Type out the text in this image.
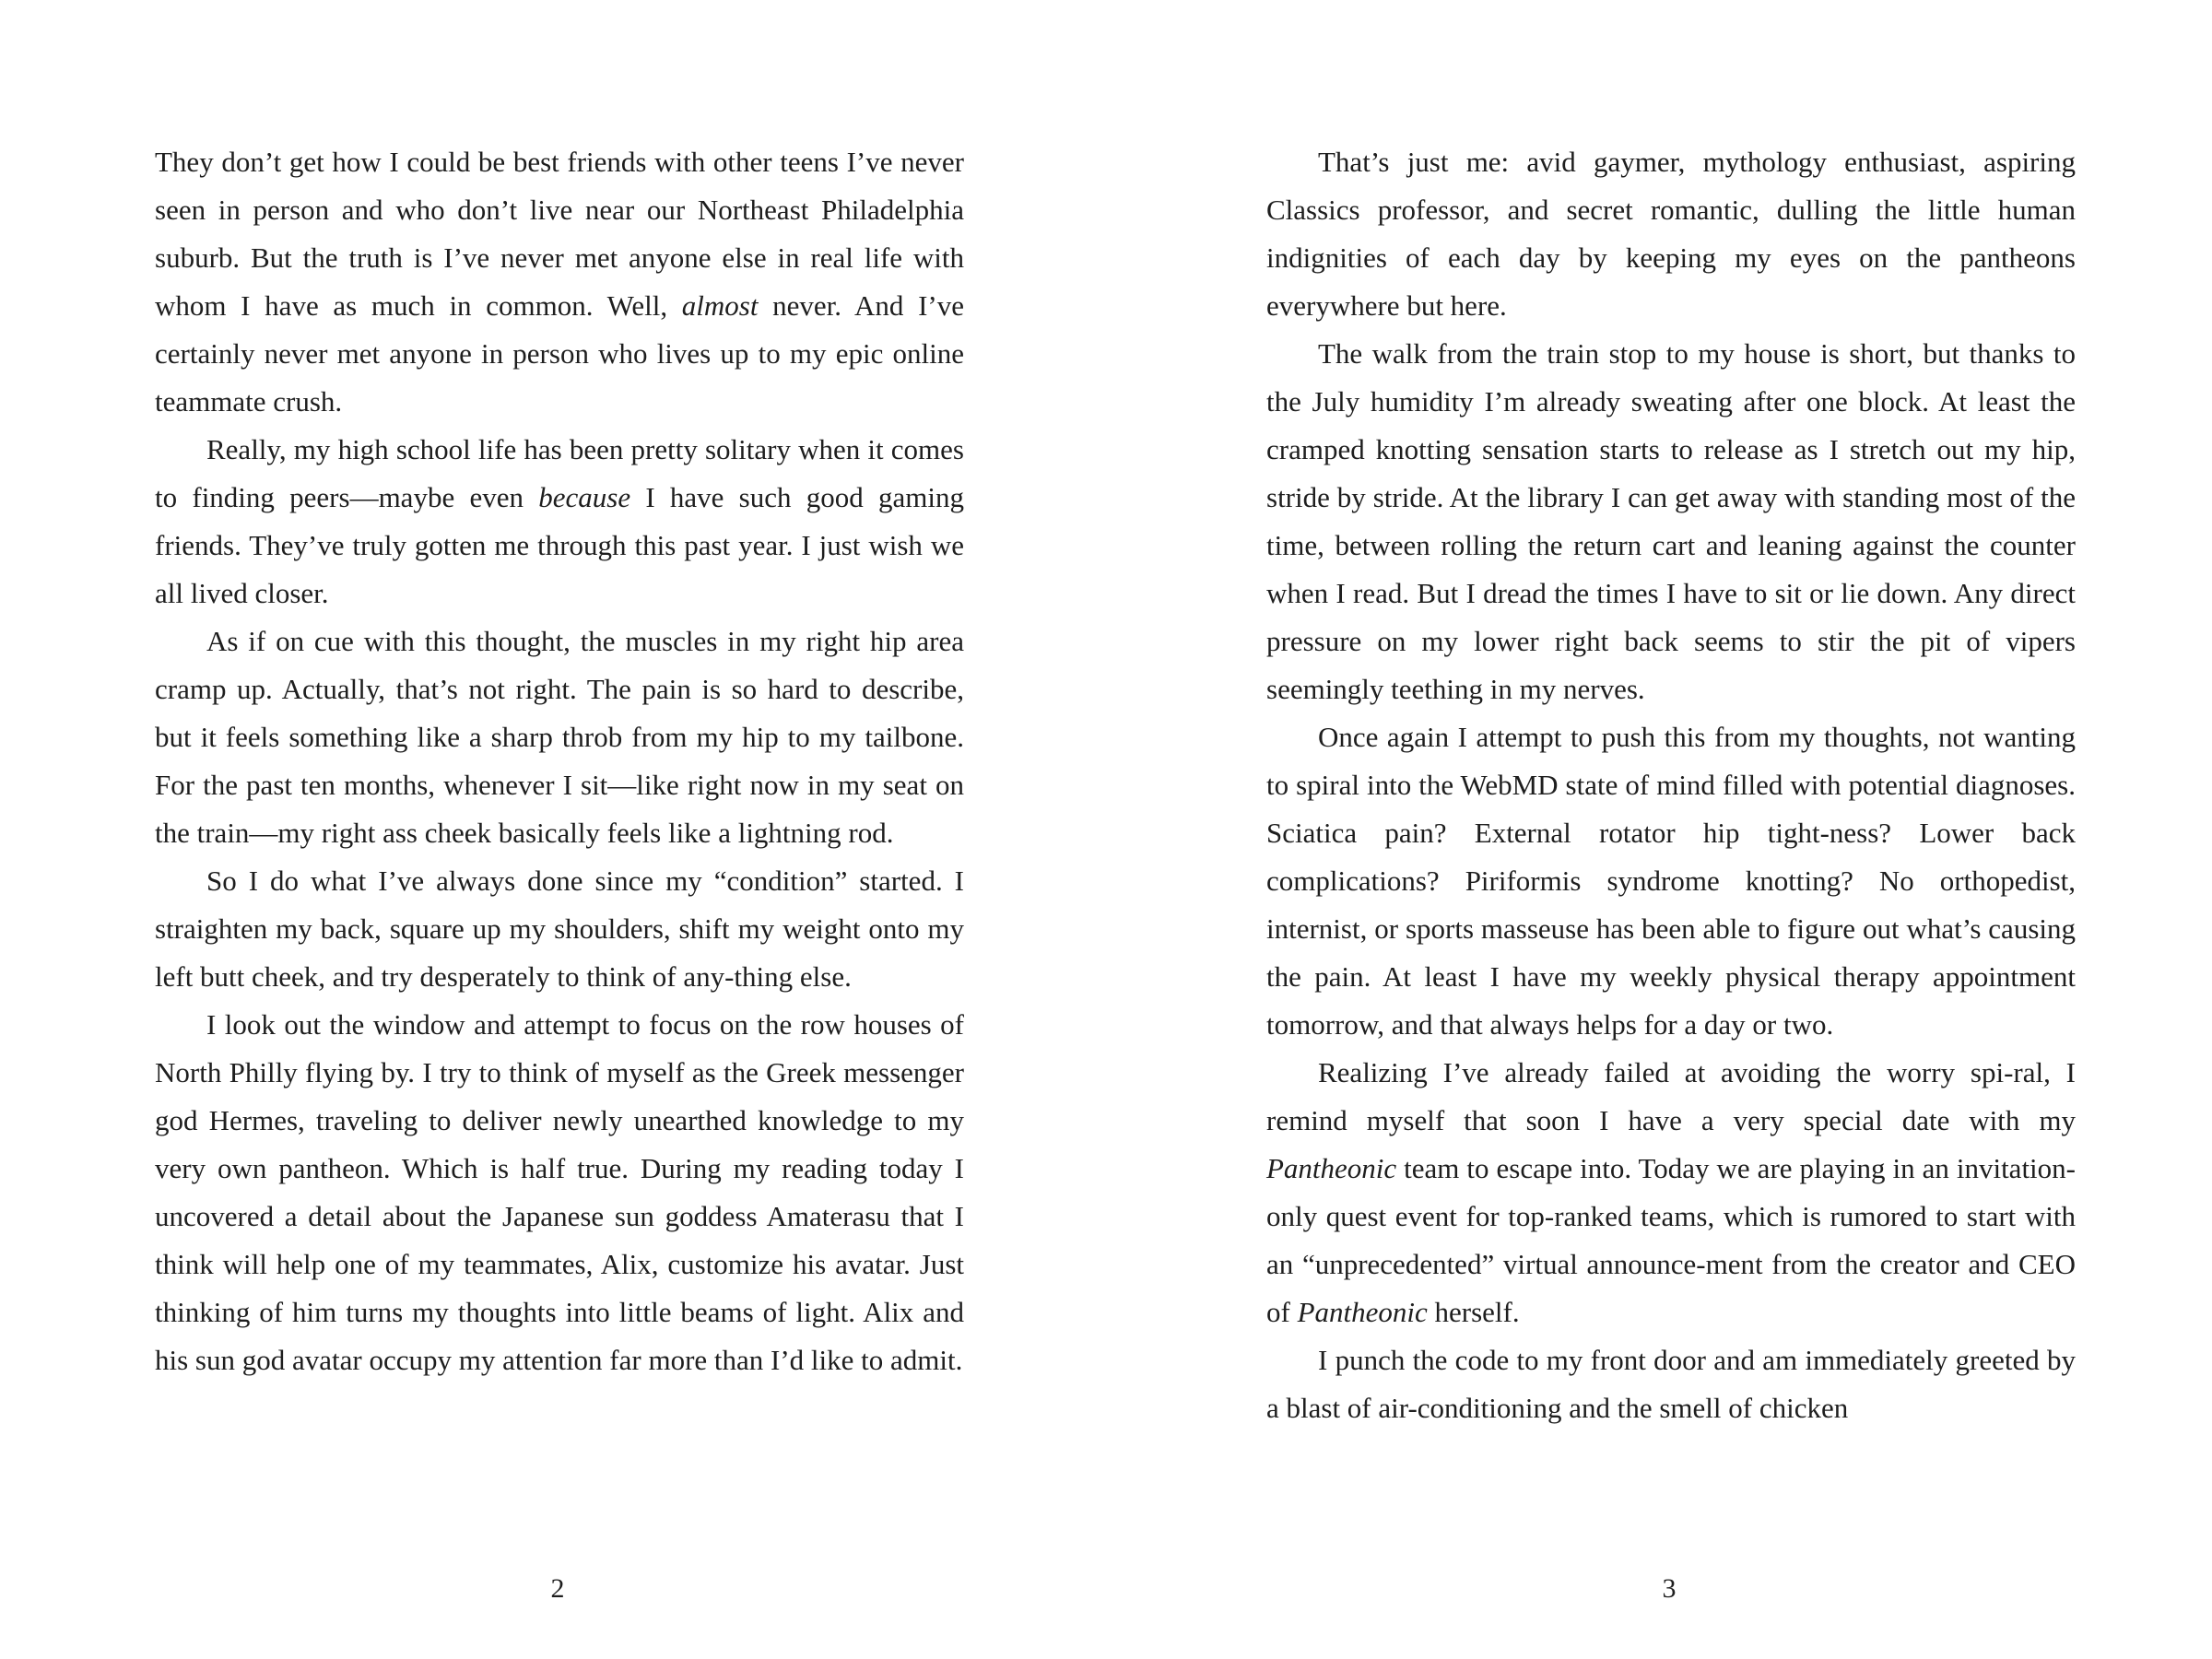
They don’t get how I could be best friends with other teens I’ve never seen in person and who don’t live near our Northeast Philadelphia suburb. But the truth is I’ve never met anyone else in real life with whom I have as much in common. Well, almost never. And I’ve certainly never met anyone in person who lives up to my epic online teammate crush.

Really, my high school life has been pretty solitary when it comes to finding peers—maybe even because I have such good gaming friends. They’ve truly gotten me through this past year. I just wish we all lived closer.

As if on cue with this thought, the muscles in my right hip area cramp up. Actually, that’s not right. The pain is so hard to describe, but it feels something like a sharp throb from my hip to my tailbone. For the past ten months, whenever I sit—like right now in my seat on the train—my right ass cheek basically feels like a lightning rod.

So I do what I’ve always done since my “condition” started. I straighten my back, square up my shoulders, shift my weight onto my left butt cheek, and try desperately to think of any-thing else.

I look out the window and attempt to focus on the row houses of North Philly flying by. I try to think of myself as the Greek messenger god Hermes, traveling to deliver newly unearthed knowledge to my very own pantheon. Which is half true. During my reading today I uncovered a detail about the Japanese sun goddess Amaterasu that I think will help one of my teammates, Alix, customize his avatar. Just thinking of him turns my thoughts into little beams of light. Alix and his sun god avatar occupy my attention far more than I’d like to admit.

2

That’s just me: avid gaymer, mythology enthusiast, aspiring Classics professor, and secret romantic, dulling the little human indignities of each day by keeping my eyes on the pantheons everywhere but here.

The walk from the train stop to my house is short, but thanks to the July humidity I’m already sweating after one block. At least the cramped knotting sensation starts to release as I stretch out my hip, stride by stride. At the library I can get away with standing most of the time, between rolling the return cart and leaning against the counter when I read. But I dread the times I have to sit or lie down. Any direct pressure on my lower right back seems to stir the pit of vipers seemingly teething in my nerves.

Once again I attempt to push this from my thoughts, not wanting to spiral into the WebMD state of mind filled with potential diagnoses. Sciatica pain? External rotator hip tight-ness? Lower back complications? Piriformis syndrome knotting? No orthopedist, internist, or sports masseuse has been able to figure out what’s causing the pain. At least I have my weekly physical therapy appointment tomorrow, and that always helps for a day or two.

Realizing I’ve already failed at avoiding the worry spi-ral, I remind myself that soon I have a very special date with my Pantheonic team to escape into. Today we are playing in an invitation-only quest event for top-ranked teams, which is rumored to start with an “unprecedented” virtual announce-ment from the creator and CEO of Pantheonic herself.

I punch the code to my front door and am immediately greeted by a blast of air-conditioning and the smell of chicken

3
